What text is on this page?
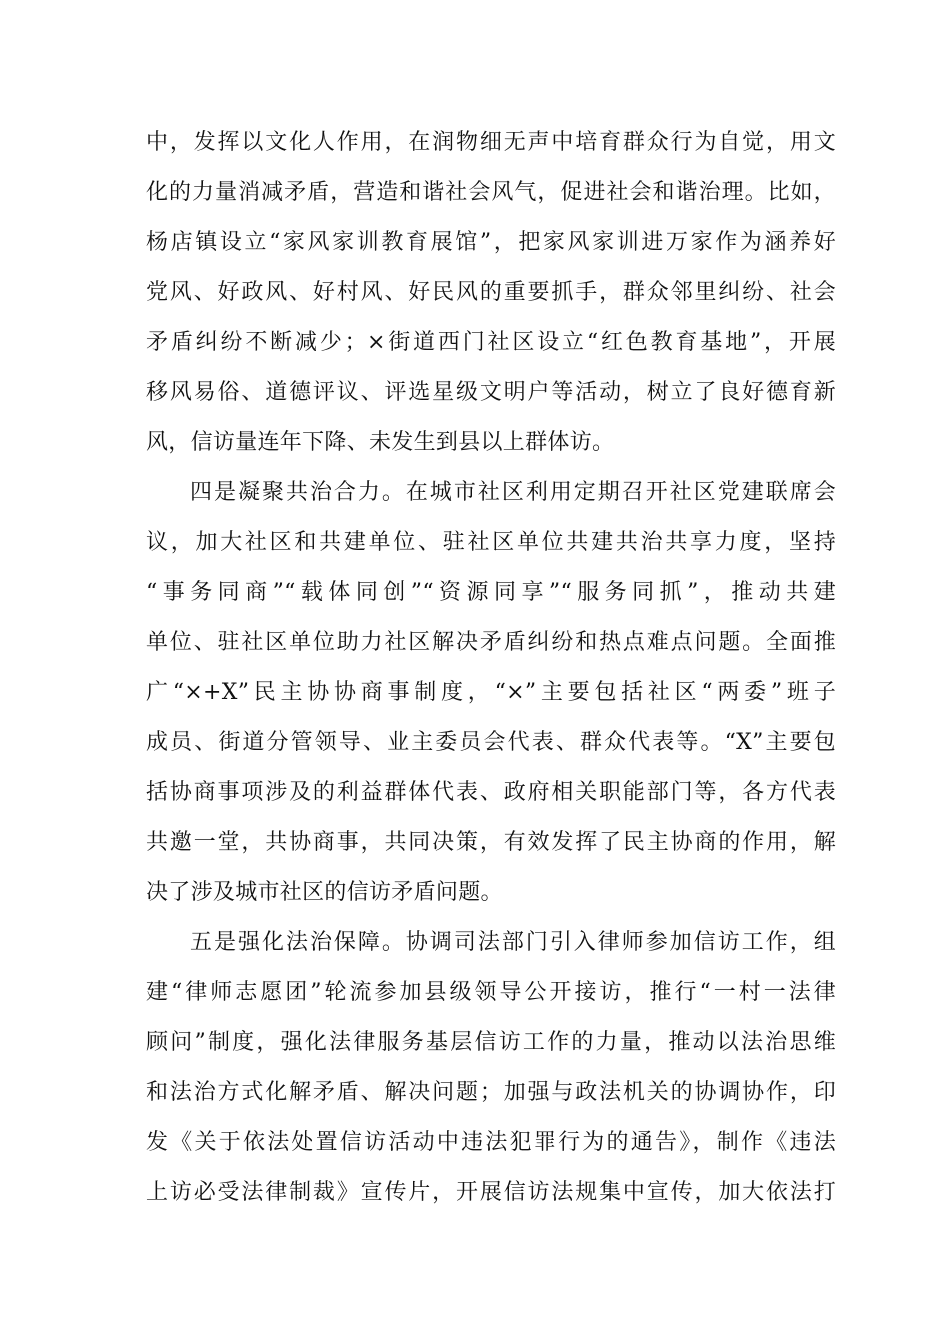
中，发挥以文化人作用，在润物细无声中培育群众行为自觉，用文
化的力量消减矛盾，营造和谐社会风气，促进社会和谐治理。比如，
杨店镇设立“家风家训教育展馆”，把家风家训进万家作为涵养好
党风、好政风、好村风、好民风的重要抓手，群众邻里纠纷、社会
矛盾纠纷不断减少；×街道西门社区设立“红色教育基地”，开展
移风易俗、道德评议、评选星级文明户等活动，树立了良好德育新
风，信访量连年下降、未发生到县以上群体访。
四是凝聚共治合力。在城市社区利用定期召开社区党建联席会
议，加大社区和共建单位、驻社区单位共建共治共享力度，坚持
“事务同商”“载体同创”“资源同享”“服务同抓”，推动共建
单位、驻社区单位助力社区解决矛盾纠纷和热点难点问题。全面推
广“×+X”民主协协商事制度，“×”主要包括社区“两委”班子
成员、街道分管领导、业主委员会代表、群众代表等。“X”主要包
括协商事项涉及的利益群体代表、政府相关职能部门等，各方代表
共邀一堂，共协商事，共同决策，有效发挥了民主协商的作用，解
决了涉及城市社区的信访矛盾问题。
五是强化法治保障。协调司法部门引入律师参加信访工作，组
建“律师志愿团”轮流参加县级领导公开接访，推行“一村一法律
顾问”制度，强化法律服务基层信访工作的力量，推动以法治思维
和法治方式化解矛盾、解决问题；加强与政法机关的协调协作，印
发《关于依法处置信访活动中违法犯罪行为的通告》，制作《违法
上访必受法律制裁》宣传片，开展信访法规集中宣传，加大依法打
